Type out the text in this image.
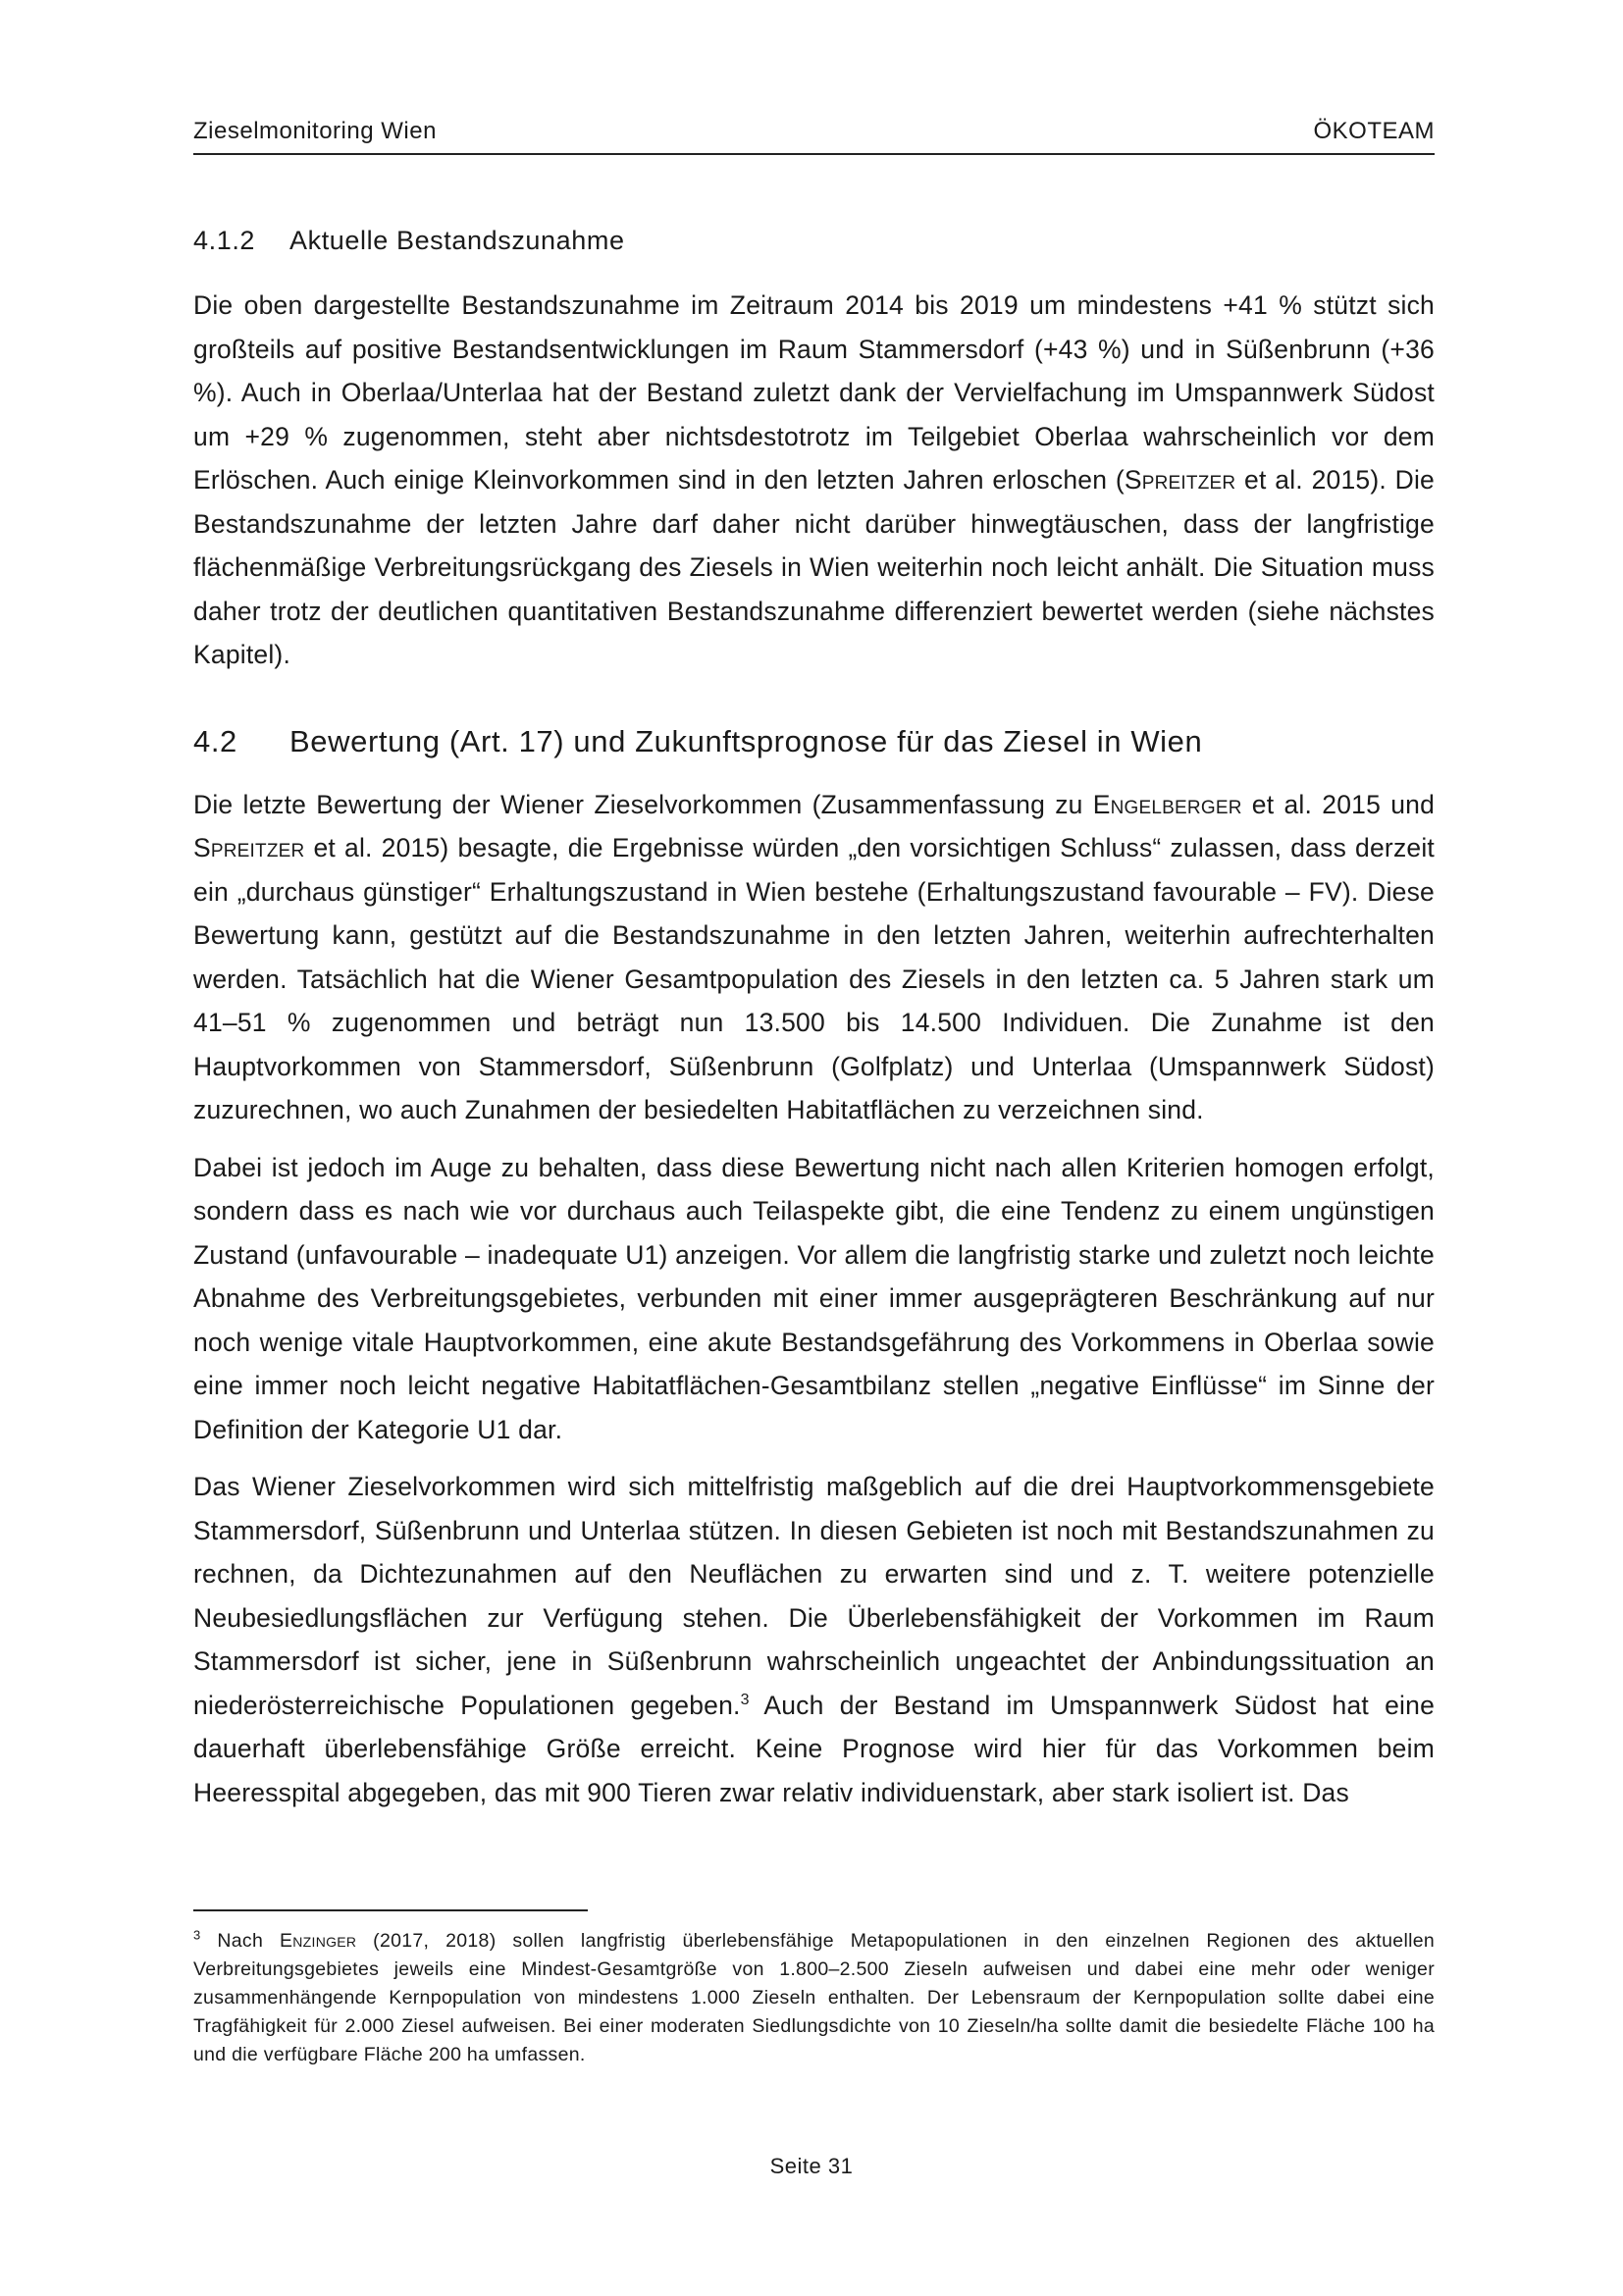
Zieselmonitoring Wien	ÖKOTEAM
4.1.2 Aktuelle Bestandszunahme

Die oben dargestellte Bestandszunahme im Zeitraum 2014 bis 2019 um mindestens +41 % stützt sich großteils auf positive Bestandsentwicklungen im Raum Stammersdorf (+43 %) und in Süßenbrunn (+36 %). Auch in Oberlaa/Unterlaa hat der Bestand zuletzt dank der Vervielfachung im Umspannwerk Südost um +29 % zugenommen, steht aber nichtsdestotrotz im Teilgebiet Oberlaa wahrscheinlich vor dem Erlöschen. Auch einige Kleinvorkommen sind in den letzten Jahren erloschen (Spreitzer et al. 2015). Die Bestandszunahme der letzten Jahre darf daher nicht darüber hinwegtäuschen, dass der langfristige flächenmäßige Verbreitungsrückgang des Ziesels in Wien weiterhin noch leicht anhält. Die Situation muss daher trotz der deutlichen quantitativen Bestandszunahme differenziert bewertet werden (siehe nächstes Kapitel).

4.2 Bewertung (Art. 17) und Zukunftsprognose für das Ziesel in Wien

Die letzte Bewertung der Wiener Zieselvorkommen (Zusammenfassung zu Engelberger et al. 2015 und Spreitzer et al. 2015) besagte, die Ergebnisse würden „den vorsichtigen Schluss“ zulassen, dass derzeit ein „durchaus günstiger“ Erhaltungszustand in Wien bestehe (Erhaltungszustand favourable – FV). Diese Bewertung kann, gestützt auf die Bestandszunahme in den letzten Jahren, weiterhin aufrechterhalten werden. Tatsächlich hat die Wiener Gesamtpopulation des Ziesels in den letzten ca. 5 Jahren stark um 41–51 % zugenommen und beträgt nun 13.500 bis 14.500 Individuen. Die Zunahme ist den Hauptvorkommen von Stammersdorf, Süßenbrunn (Golfplatz) und Unterlaa (Umspannwerk Südost) zuzurechnen, wo auch Zunahmen der besiedelten Habitatflächen zu verzeichnen sind.

Dabei ist jedoch im Auge zu behalten, dass diese Bewertung nicht nach allen Kriterien homogen erfolgt, sondern dass es nach wie vor durchaus auch Teilaspekte gibt, die eine Tendenz zu einem ungünstigen Zustand (unfavourable – inadequate U1) anzeigen. Vor allem die langfristig starke und zuletzt noch leichte Abnahme des Verbreitungsgebietes, verbunden mit einer immer ausgeprägteren Beschränkung auf nur noch wenige vitale Hauptvorkommen, eine akute Bestandsgefährung des Vorkommens in Oberlaa sowie eine immer noch leicht negative Habitatflächen-Gesamtbilanz stellen „negative Einflüsse“ im Sinne der Definition der Kategorie U1 dar.

Das Wiener Zieselvorkommen wird sich mittelfristig maßgeblich auf die drei Hauptvorkommensgebiete Stammersdorf, Süßenbrunn und Unterlaa stützen. In diesen Gebieten ist noch mit Bestandszunahmen zu rechnen, da Dichtezunahmen auf den Neuflächen zu erwarten sind und z. T. weitere potenzielle Neubesiedlungsflächen zur Verfügung stehen. Die Überlebensfähigkeit der Vorkommen im Raum Stammersdorf ist sicher, jene in Süßenbrunn wahrscheinlich ungeachtet der Anbindungssituation an niederösterreichische Populationen gegeben.$^3$ Auch der Bestand im Umspannwerk Südost hat eine dauerhaft überlebensfähige Größe erreicht. Keine Prognose wird hier für das Vorkommen beim Heeresspital abgegeben, das mit 900 Tieren zwar relativ individuenstark, aber stark isoliert ist. Das

$^3$ Nach Enzinger (2017, 2018) sollen langfristig überlebensfähige Metapopulationen in den einzelnen Regionen des aktuellen Verbreitungsgebietes jeweils eine Mindest-Gesamtgröße von 1.800–2.500 Zieseln aufweisen und dabei eine mehr oder weniger zusammenhängende Kernpopulation von mindestens 1.000 Zieseln enthalten. Der Lebensraum der Kernpopulation sollte dabei eine Tragfähigkeit für 2.000 Ziesel aufweisen. Bei einer moderaten Siedlungsdichte von 10 Zieseln/ha sollte damit die besiedelte Fläche 100 ha und die verfügbare Fläche 200 ha umfassen.
Seite 31
